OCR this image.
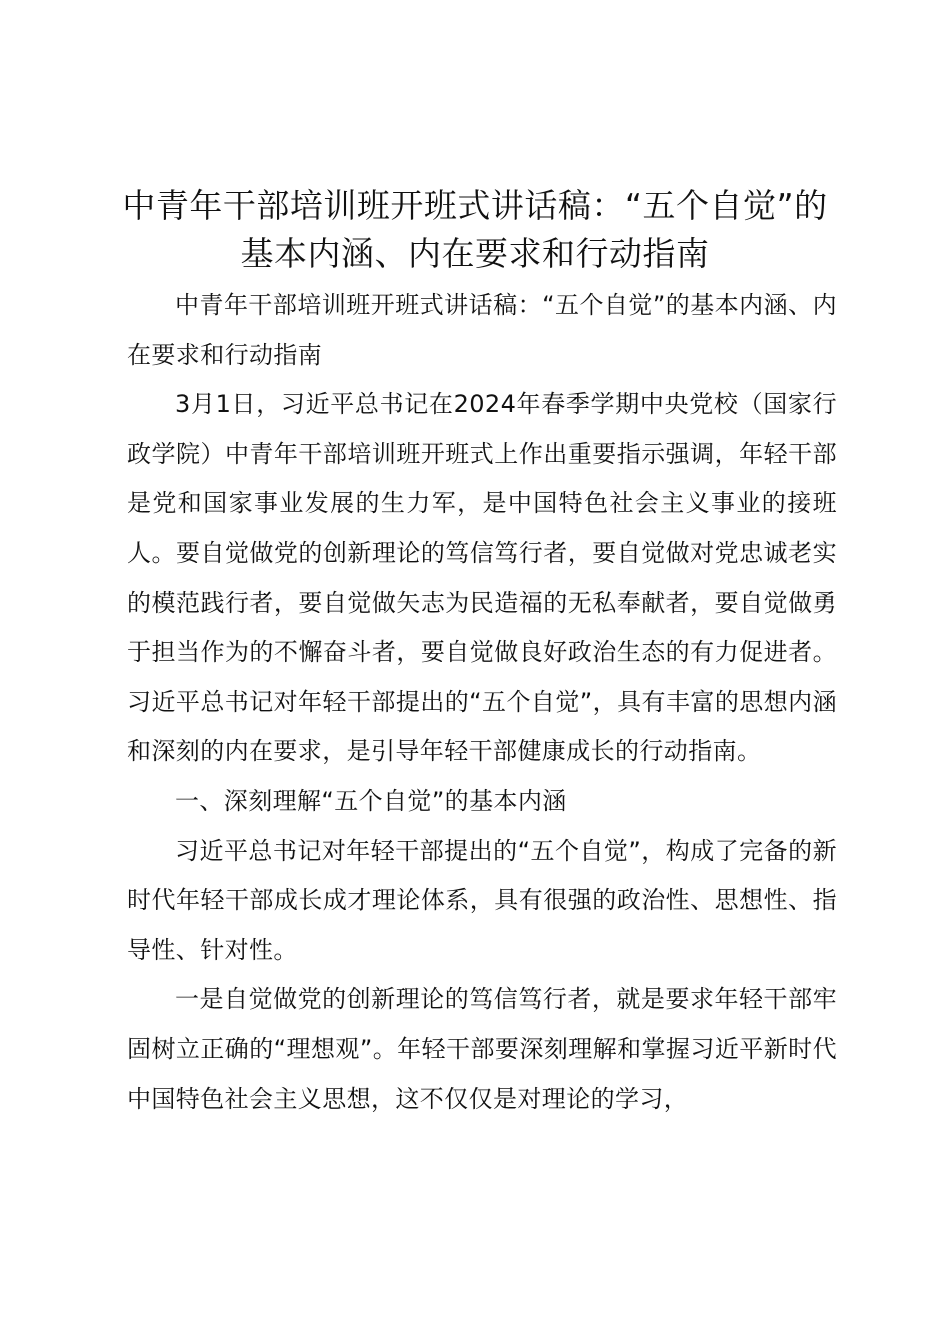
中青年干部培训班开班式讲话稿：“五个自觉”的基本内涵、内在要求和行动指南

中青年干部培训班开班式讲话稿：“五个自觉”的基本内涵、内在要求和行动指南

3月1日，习近平总书记在2024年春季学期中央党校（国家行政学院）中青年干部培训班开班式上作出重要指示强调，年轻干部是党和国家事业发展的生力军，是中国特色社会主义事业的接班人。要自觉做党的创新理论的笃信笃行者，要自觉做对党忠诚老实的模范践行者，要自觉做矢志为民造福的无私奉献者，要自觉做勇于担当作为的不懈奋斗者，要自觉做良好政治生态的有力促进者。习近平总书记对年轻干部提出的“五个自觉”，具有丰富的思想内涵和深刻的内在要求，是引导年轻干部健康成长的行动指南。

一、深刻理解“五个自觉”的基本内涵

习近平总书记对年轻干部提出的“五个自觉”，构成了完备的新时代年轻干部成长成才理论体系，具有很强的政治性、思想性、指导性、针对性。

一是自觉做党的创新理论的笃信笃行者，就是要求年轻干部牢固树立正确的“理想观”。年轻干部要深刻理解和掌握习近平新时代中国特色社会主义思想，这不仅仅是对理论的学习，
